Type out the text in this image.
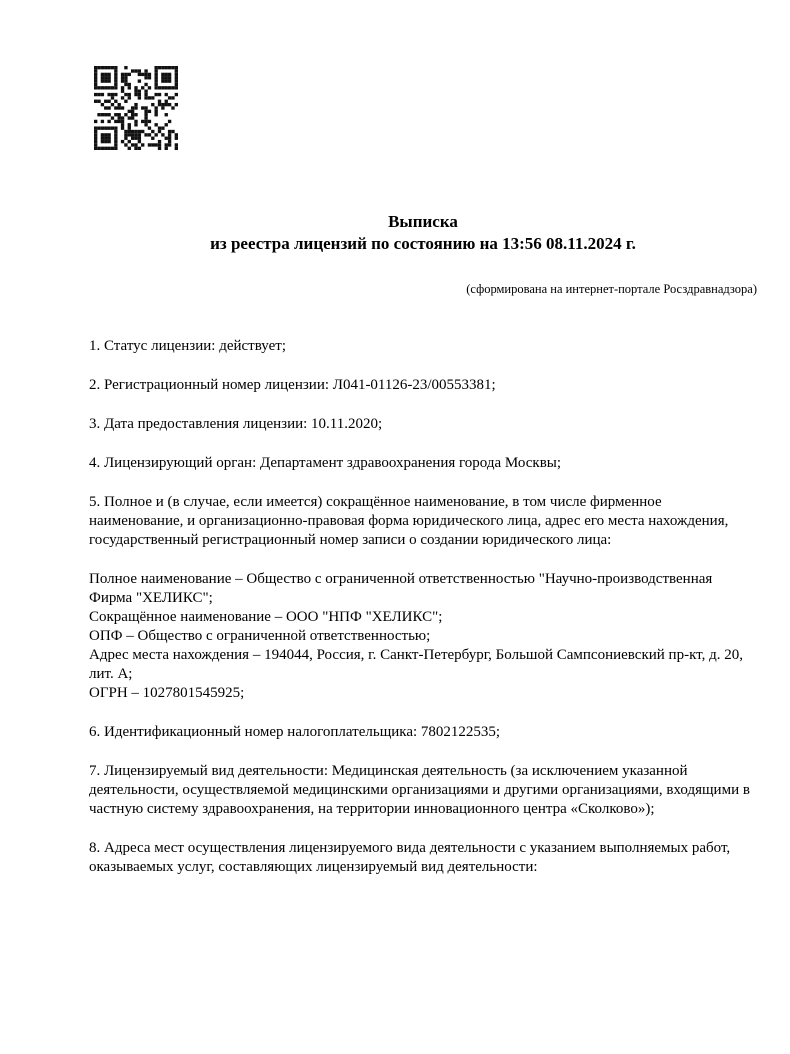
Выписка
из реестра лицензий по состоянию на 13:56 08.11.2024 г.
(сформирована на интернет-портале Росздравнадзора)

1. Статус лицензии: действует;

2. Регистрационный номер лицензии: Л041-01126-23/00553381;

3. Дата предоставления лицензии: 10.11.2020;

4. Лицензирующий орган: Департамент здравоохранения города Москвы;

5. Полное и (в случае, если имеется) сокращённое наименование, в том числе фирменное наименование, и организационно-правовая форма юридического лица, адрес его места нахождения, государственный регистрационный номер записи о создании юридического лица:

Полное наименование – Общество с ограниченной ответственностью "Научно-производственная Фирма "ХЕЛИКС";

Сокращённое наименование – ООО "НПФ "ХЕЛИКС";

ОПФ – Общество с ограниченной ответственностью;

Адрес места нахождения – 194044, Россия, г. Санкт-Петербург, Большой Сампсониевский пр-кт, д. 20, лит. А;

ОГРН – 1027801545925;

6. Идентификационный номер налогоплательщика: 7802122535;

7. Лицензируемый вид деятельности: Медицинская деятельность (за исключением указанной деятельности, осуществляемой медицинскими организациями и другими организациями, входящими в частную систему здравоохранения, на территории инновационного центра «Сколково»);

8. Адреса мест осуществления лицензируемого вида деятельности с указанием выполняемых работ, оказываемых услуг, составляющих лицензируемый вид деятельности:
